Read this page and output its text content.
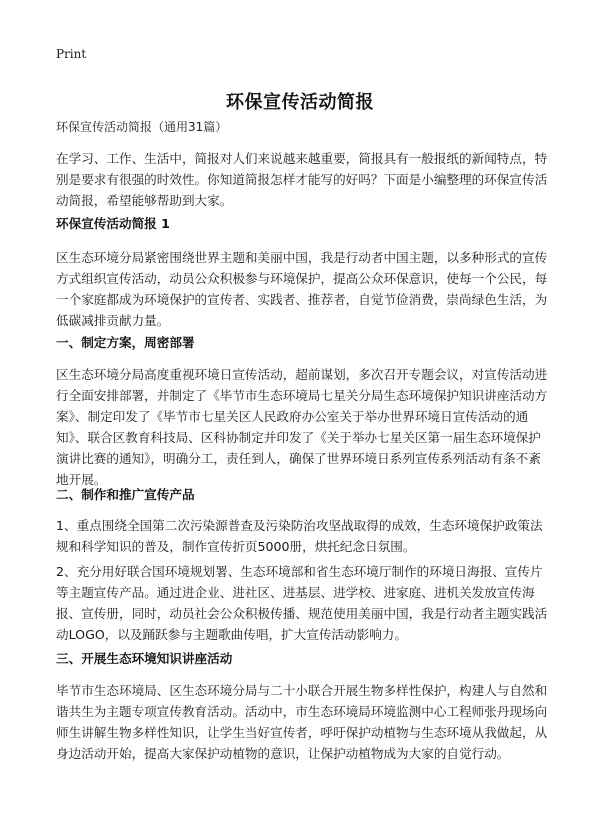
Print
环保宣传活动简报
环保宣传活动简报（通用31篇）

在学习、工作、生活中，简报对人们来说越来越重要，简报具有一般报纸的新闻特点，特别是要求有很强的时效性。你知道简报怎样才能写的好吗？下面是小编整理的环保宣传活动简报，希望能够帮助到大家。

环保宣传活动简报 1

区生态环境分局紧密围绕世界主题和美丽中国，我是行动者中国主题，以多种形式的宣传方式组织宣传活动，动员公众积极参与环境保护，提高公众环保意识，使每一个公民，每一个家庭都成为环境保护的宣传者、实践者、推荐者，自觉节俭消费，崇尚绿色生活，为低碳减排贡献力量。

一、制定方案，周密部署

区生态环境分局高度重视环境日宣传活动，超前谋划，多次召开专题会议，对宣传活动进行全面安排部署，并制定了《毕节市生态环境局七星关分局生态环境保护知识讲座活动方案》、制定印发了《毕节市七星关区人民政府办公室关于举办世界环境日宣传活动的通知》、联合区教育科技局、区科协制定并印发了《关于举办七星关区第一届生态环境保护演讲比赛的通知》，明确分工，责任到人，确保了世界环境日系列宣传系列活动有条不紊地开展。

二、制作和推广宣传产品

1、重点围绕全国第二次污染源普查及污染防治攻坚战取得的成效，生态环境保护政策法规和科学知识的普及，制作宣传折页5000册，烘托纪念日氛围。

2、充分用好联合国环境规划署、生态环境部和省生态环境厅制作的环境日海报、宣传片等主题宣传产品。通过进企业、进社区、进基层、进学校、进家庭、进机关发放宣传海报、宣传册，同时，动员社会公众积极传播、规范使用美丽中国，我是行动者主题实践活动LOGO，以及踊跃参与主题歌曲传唱，扩大宣传活动影响力。

三、开展生态环境知识讲座活动

毕节市生态环境局、区生态环境分局与二十小联合开展生物多样性保护，构建人与自然和谐共生为主题专项宣传教育活动。活动中，市生态环境局环境监测中心工程师张丹现场向师生讲解生物多样性知识，让学生当好宣传者，呼吁保护动植物与生态环境从我做起，从身边活动开始，提高大家保护动植物的意识，让保护动植物成为大家的自觉行动。
